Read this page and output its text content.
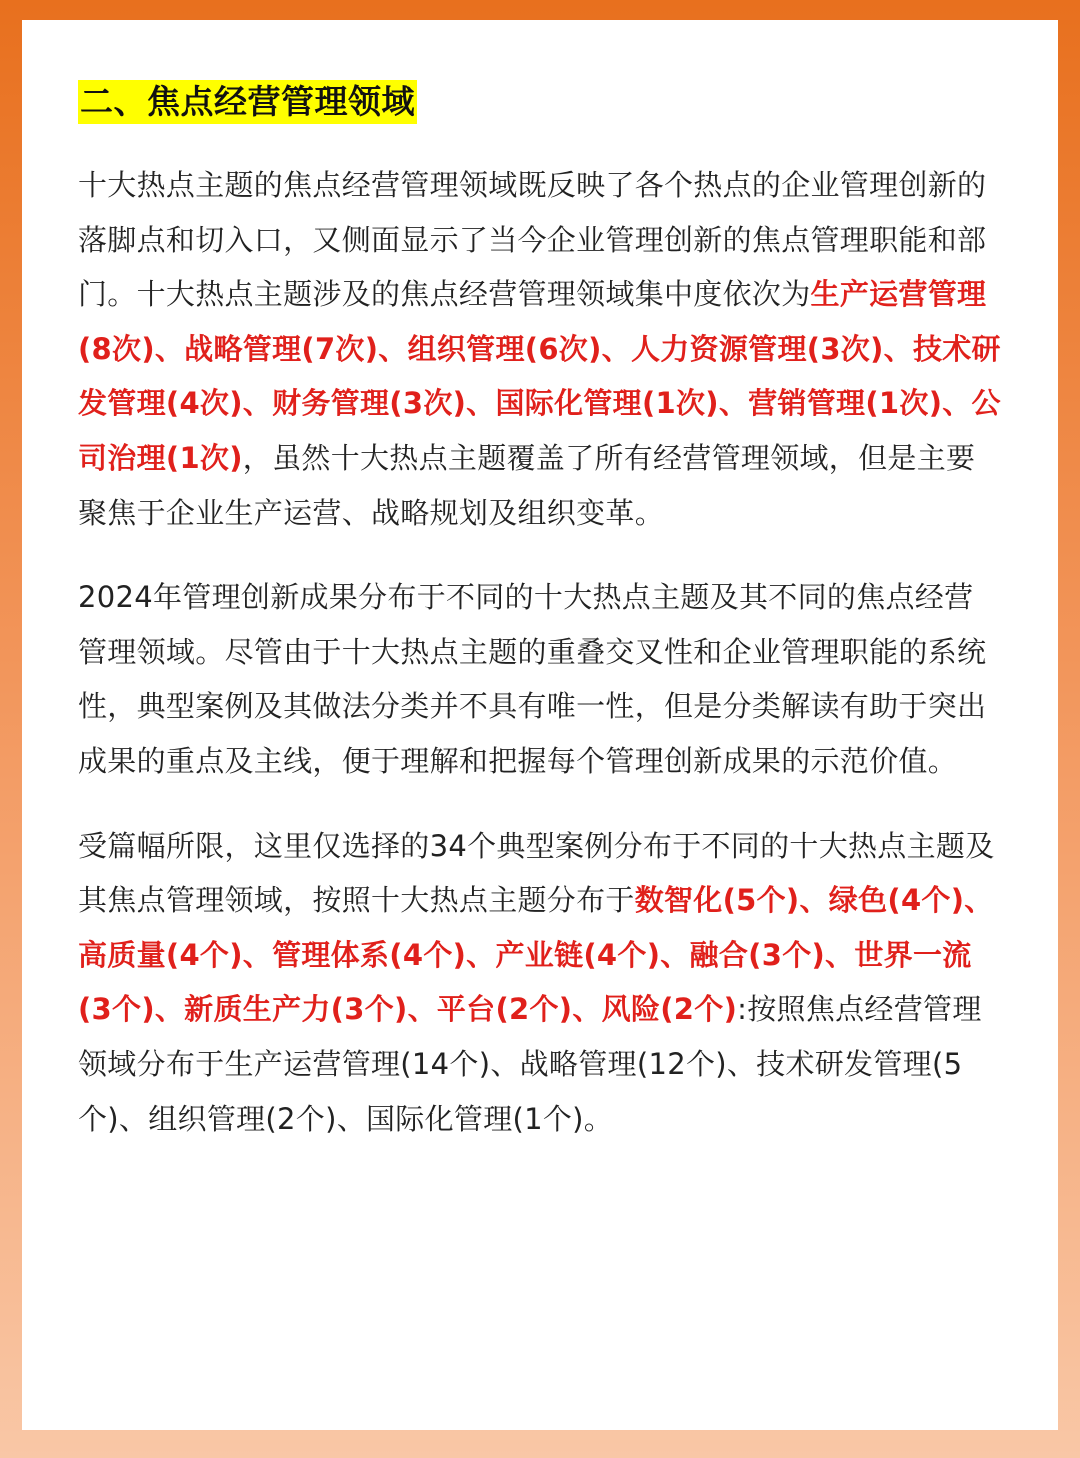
二、焦点经营管理领域

十大热点主题的焦点经营管理领域既反映了各个热点的企业管理创新的落脚点和切入口，又侧面显示了当今企业管理创新的焦点管理职能和部门。十大热点主题涉及的焦点经营管理领域集中度依次为生产运营管理(8次)、战略管理(7次)、组织管理(6次)、人力资源管理(3次)、技术研发管理(4次)、财务管理(3次)、国际化管理(1次)、营销管理(1次)、公司治理(1次)，虽然十大热点主题覆盖了所有经营管理领域，但是主要聚焦于企业生产运营、战略规划及组织变革。

2024年管理创新成果分布于不同的十大热点主题及其不同的焦点经营管理领域。尽管由于十大热点主题的重叠交叉性和企业管理职能的系统性，典型案例及其做法分类并不具有唯一性，但是分类解读有助于突出成果的重点及主线，便于理解和把握每个管理创新成果的示范价值。

受篇幅所限，这里仅选择的34个典型案例分布于不同的十大热点主题及其焦点管理领域，按照十大热点主题分布于数智化(5个)、绿色(4个)、高质量(4个)、管理体系(4个)、产业链(4个)、融合(3个)、世界一流(3个)、新质生产力(3个)、平台(2个)、风险(2个):按照焦点经营管理领域分布于生产运营管理(14个)、战略管理(12个)、技术研发管理(5个)、组织管理(2个)、国际化管理(1个)。
